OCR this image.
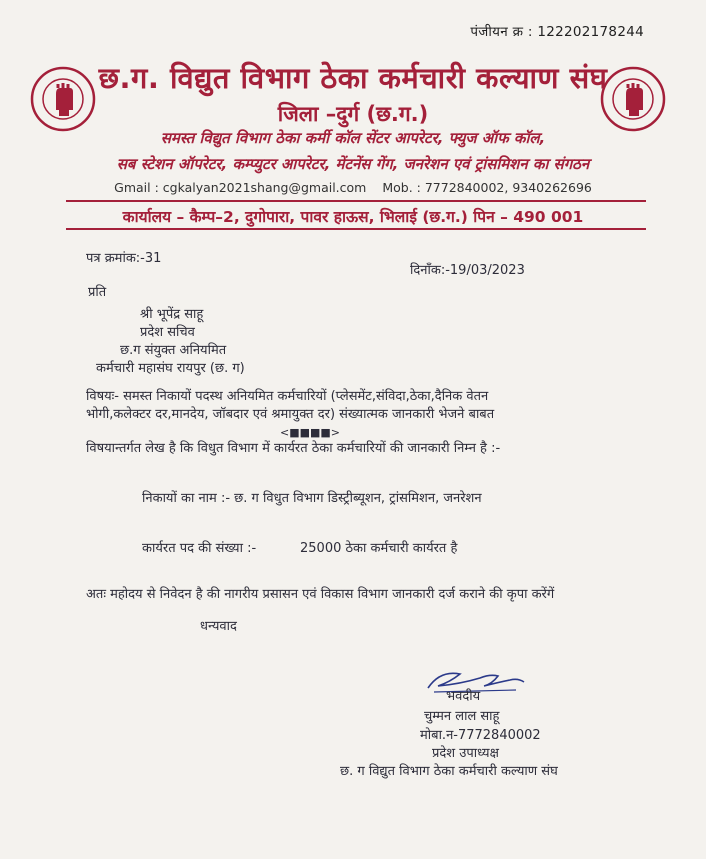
पंजीयन क्र : 122202178244
छ.ग. विद्युत विभाग ठेका कर्मचारी कल्याण संघ
जिला –दुर्ग (छ.ग.)
समस्त विद्युत विभाग ठेका कर्मी कॉल सेंटर आपरेटर, फ्युज ऑफ कॉल,
सब स्टेशन ऑपरेटर, कम्प्युटर आपरेटर, मेंटनेंस गेंग, जनरेशन एवं ट्रांसमिशन का संगठन
Gmail : cgkalyan2021shang@gmail.com Mob. : 7772840002, 9340262696
कार्यालय – कैम्प–2, दुगोपारा, पावर हाऊस, भिलाई (छ.ग.) पिन – 490 001
पत्र क्रमांक:-31
दिनाँक:-19/03/2023
प्रति
श्री भूपेंद्र साहू
प्रदेश सचिव
छ.ग संयुक्त अनियमित
कर्मचारी महासंघ रायपुर (छ. ग)
विषयः- समस्त निकायों पदस्थ अनियमित कर्मचारियों (प्लेसमेंट,संविदा,ठेका,दैनिक वेतन
भोगी,कलेक्टर दर,मानदेय, जॉबदार एवं श्रमायुक्त दर) संख्यात्मक जानकारी भेजने बाबत
<■■■■>
विषयान्तर्गत लेख है कि विधुत विभाग में कार्यरत ठेका कर्मचारियों की जानकारी निम्न है :-
निकायों का नाम :- छ. ग विधुत विभाग डिस्ट्रीब्यूशन, ट्रांसमिशन, जनरेशन
कार्यरत पद की संख्या :-	25000 ठेका कर्मचारी कार्यरत है
अतः महोदय से निवेदन है की नागरीय प्रसासन एवं विकास विभाग जानकारी दर्ज कराने की कृपा करेंगें
धन्यवाद
भवदीय
चुम्मन लाल साहू
मोबा.न-7772840002
प्रदेश उपाध्यक्ष
छ. ग विद्युत विभाग ठेका कर्मचारी कल्याण संघ
